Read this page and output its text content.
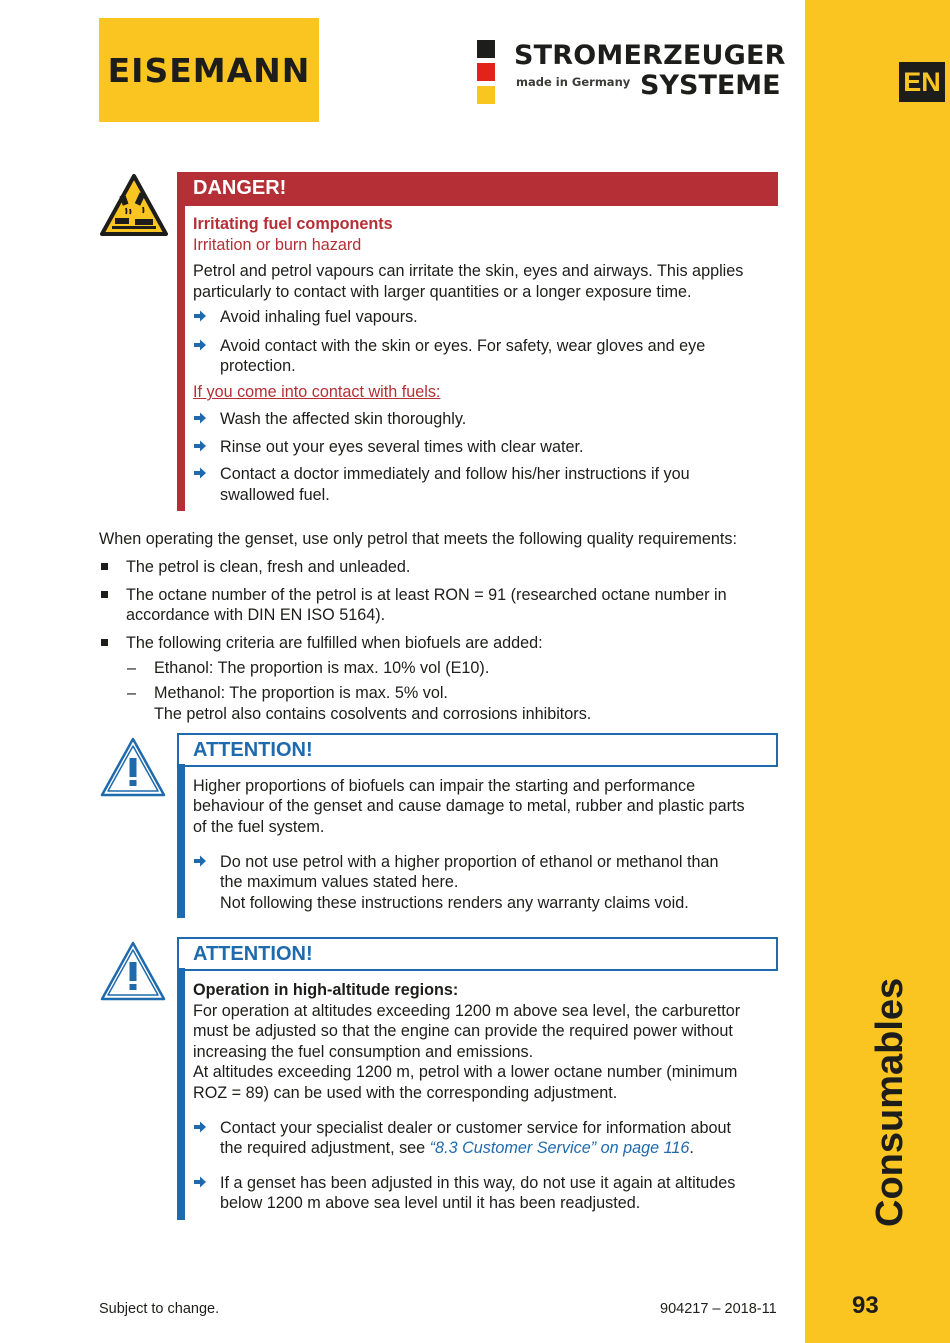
EISEMANN	STROMERZEUGER
made in Germany SYSTEME	EN
Consumables
93
DANGER!
Irritating fuel components
Irritation or burn hazard
Petrol and petrol vapours can irritate the skin, eyes and airways. This applies
particularly to contact with larger quantities or a longer exposure time.
Avoid inhaling fuel vapours.
Avoid contact with the skin or eyes. For safety, wear gloves and eye
protection.
If you come into contact with fuels:
Wash the affected skin thoroughly.
Rinse out your eyes several times with clear water.
Contact a doctor immediately and follow his/her instructions if you
swallowed fuel.
When operating the genset, use only petrol that meets the following quality requirements:
The petrol is clean, fresh and unleaded.
The octane number of the petrol is at least RON = 91 (researched octane number in
accordance with DIN EN ISO 5164).
The following criteria are fulfilled when biofuels are added:
– Ethanol: The proportion is max. 10% vol (E10).
– Methanol: The proportion is max. 5% vol.
The petrol also contains cosolvents and corrosions inhibitors.
ATTENTION!
Higher proportions of biofuels can impair the starting and performance
behaviour of the genset and cause damage to metal, rubber and plastic parts
of the fuel system.
Do not use petrol with a higher proportion of ethanol or methanol than
the maximum values stated here.
Not following these instructions renders any warranty claims void.
ATTENTION!
Operation in high-altitude regions:
For operation at altitudes exceeding 1200 m above sea level, the carburettor
must be adjusted so that the engine can provide the required power without
increasing the fuel consumption and emissions.
At altitudes exceeding 1200 m, petrol with a lower octane number (minimum
ROZ = 89) can be used with the corresponding adjustment.
Contact your specialist dealer or customer service for information about
the required adjustment, see “8.3 Customer Service” on page 116.
If a genset has been adjusted in this way, do not use it again at altitudes
below 1200 m above sea level until it has been readjusted.
Subject to change.	904217 – 2018-11
